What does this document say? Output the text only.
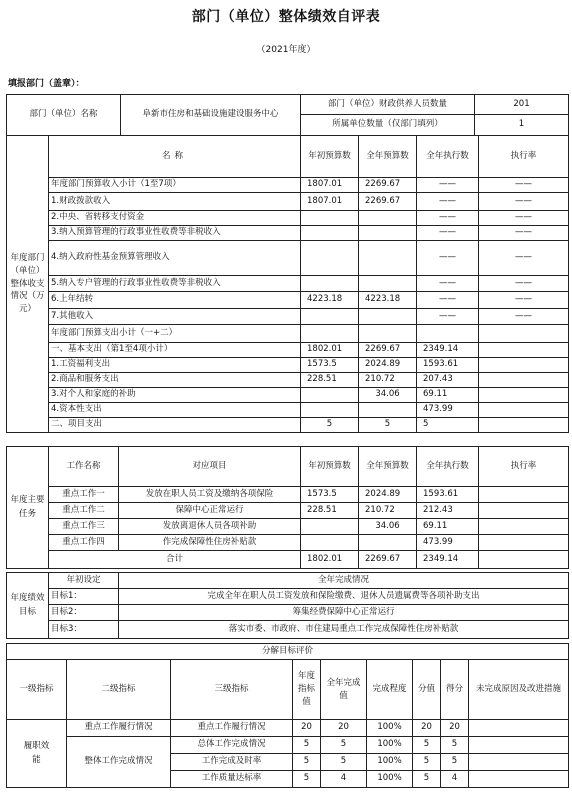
部门（单位）整体绩效自评表
（2021年度）
填报部门（盖章）：
部门（单位）名称	阜新市住房和基础设施建设服务中心	部门（单位）财政供养人员数量	201
		所属单位数量（仅部门填列）	1
年度部门（单位）整体收支情况（万元）	名称	年初预算数	全年预算数	全年执行数	执行率
	年度部门预算收入小计（1至7项）	1807.01	2269.67	——	——
	1.财政拨款收入	1807.01	2269.67	——	——
	2.中央、省转移支付资金			——	——
	3.纳入预算管理的行政事业性收费等非税收入			——	——
	4.纳入政府性基金预算管理收入			——	——
	5.纳入专户管理的行政事业性收费等非税收入			——	——
	6.上年结转	4223.18	4223.18	——	——
	7.其他收入			——	——
	年度部门预算支出小计（一+二）				
	一、基本支出（第1至4项小计）	1802.01	2269.67	2349.14	
	1.工资福利支出	1573.5	2024.89	1593.61	
	2.商品和服务支出	228.51	210.72	207.43	
	3.对个人和家庭的补助		34.06	69.11	
	4.资本性支出			473.99	
	二、项目支出	5	5	5	
年度主要任务	工作名称	对应项目	年初预算数	全年预算数	全年执行数	执行率
	重点工作一	发放在职人员工资及缴纳各项保险	1573.5	2024.89	1593.61	
	重点工作二	保障中心正常运行	228.51	210.72	212.43	
	重点工作三	发放离退休人员各项补助		34.06	69.11	
	重点工作四	作完成保障性住房补贴款			473.99	
	合计		1802.01	2269.67	2349.14	
年度绩效目标	年初设定	全年完成情况
	目标1：	完成全年在职人员工资发放和保险缴费、退休人员遗属费等各项补助支出
	目标2：	筹集经费保障中心正常运行
	目标3：	落实市委、市政府、市住建局重点工作完成保障性住房补贴款
分解目标评价								
一级指标	二级指标	三级指标	年度指标值	全年完成值	完成程度	分值	得分	未完成原因及改进措施
履职效能	重点工作履行情况	重点工作履行情况	20	20	100%	20	20	
	整体工作完成情况	总体工作完成情况	5	5	100%	5	5	
		工作完成及时率	5	5	100%	5	5	
		工作质量达标率	5	4	100%	5	4	
